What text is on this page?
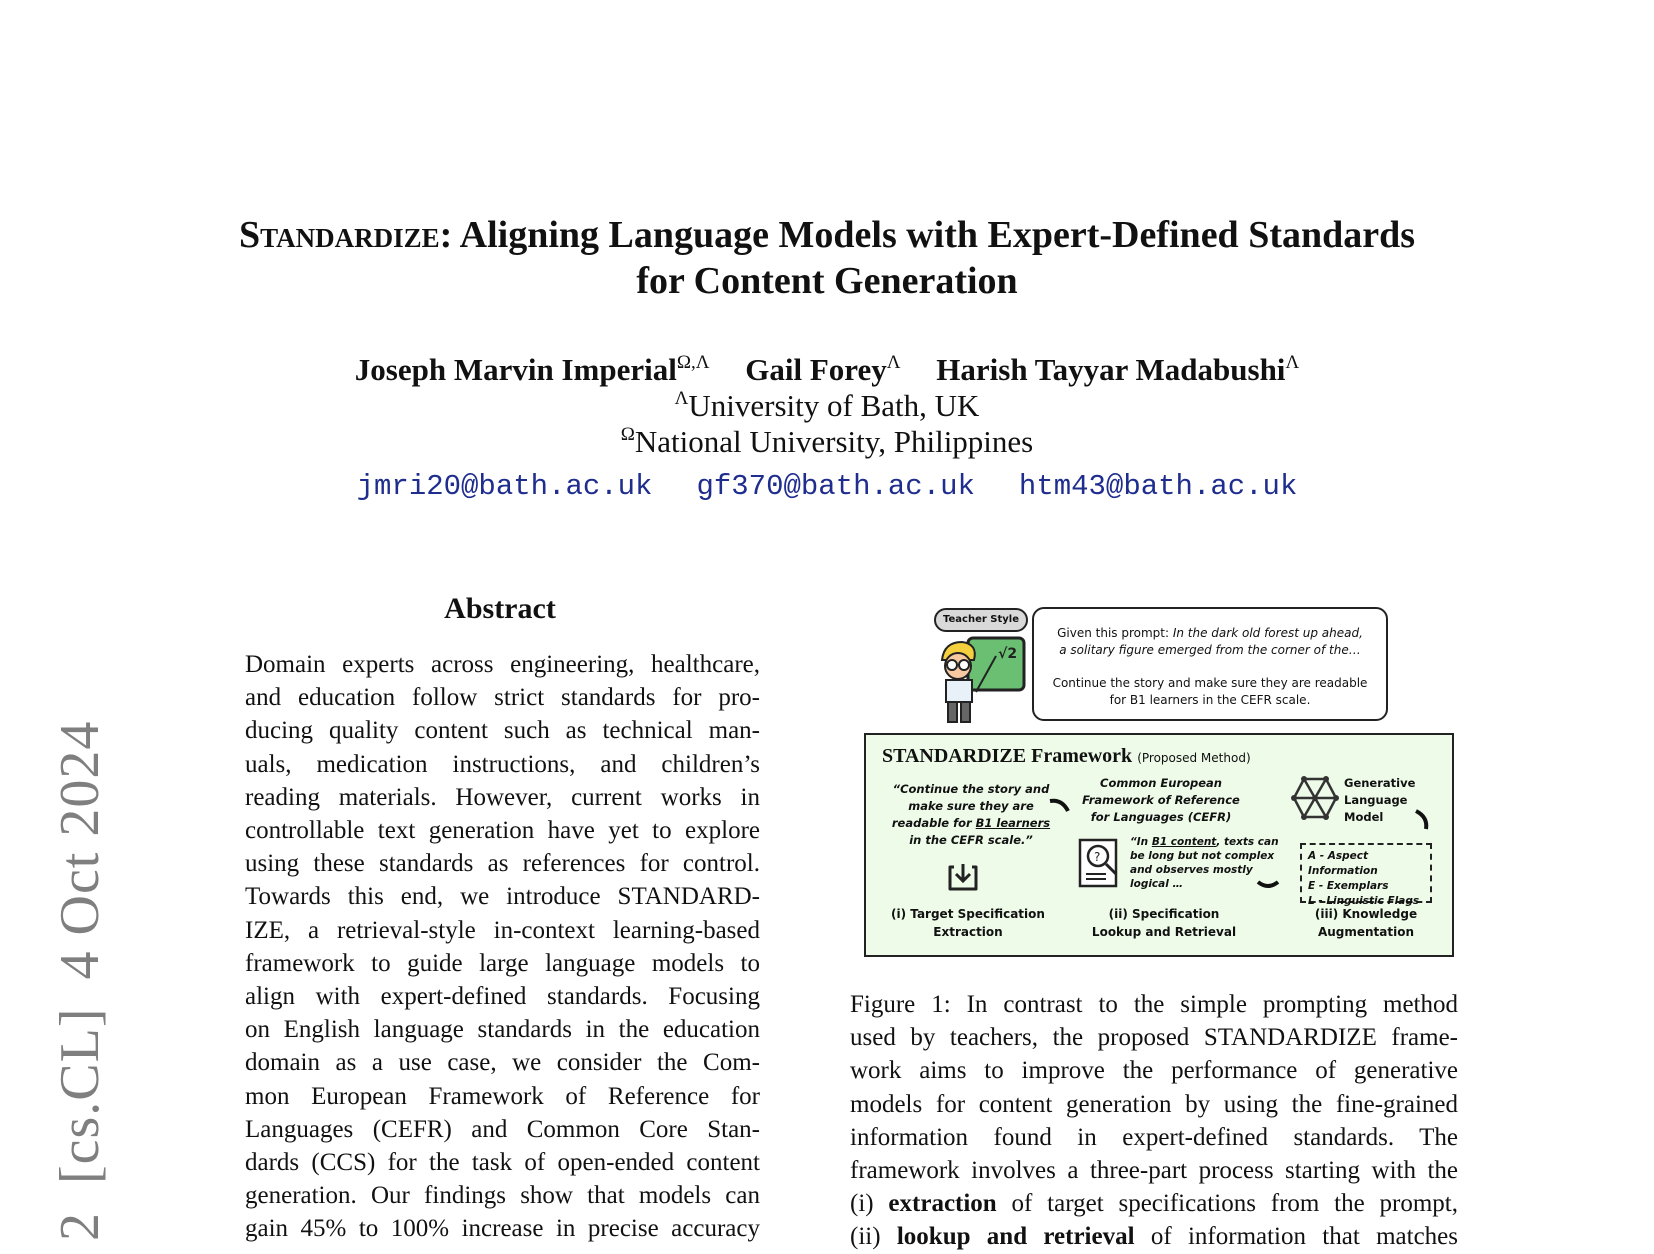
2[cs.CL]4 Oct 2024
Standardize: Aligning Language Models with Expert-Defined Standards
for Content Generation
Joseph Marvin Imperial$^{\Omega,\Lambda}$ Gail Forey$^\Lambda$ Harish Tayyar Madabushi$^\Lambda$
$^\Lambda$University of Bath, UK
$^\Omega$National University, Philippines
jmri20@bath.ac.uk gf370@bath.ac.uk htm43@bath.ac.uk
Abstract
Domain experts across engineering, healthcare,
and education follow strict standards for pro-
ducing quality content such as technical man-
uals, medication instructions, and children’s
reading materials. However, current works in
controllable text generation have yet to explore
using these standards as references for control.
Towards this end, we introduce STANDARD-
IZE, a retrieval-style in-context learning-based
framework to guide large language models to
align with expert-defined standards. Focusing
on English language standards in the education
domain as a use case, we consider the Com-
mon European Framework of Reference for
Languages (CEFR) and Common Core Stan-
dards (CCS) for the task of open-ended content
generation. Our findings show that models can
gain 45% to 100% increase in precise accuracy
Teacher Style
√2
Given this prompt: In the dark old forest up ahead,
a solitary figure emerged from the corner of the…
Continue the story and make sure they are readable
for B1 learners in the CEFR scale.
STANDARDIZE Framework (Proposed Method)
“Continue the story and
make sure they are
readable for B1 learners
in the CEFR scale.”
Common European
Framework of Reference
for Languages (CEFR)
?
“In B1 content, texts can
be long but not complex
and observes mostly
logical …
Generative
Language
Model
A - Aspect Information
E - Exemplars
L - Linguistic Flags
(i) Target Specification
Extraction
(ii) Specification
Lookup and Retrieval
(iii) Knowledge
Augmentation
Figure 1: In contrast to the simple prompting method
used by teachers, the proposed STANDARDIZE frame-
work aims to improve the performance of generative
models for content generation by using the fine-grained
information found in expert-defined standards. The
framework involves a three-part process starting with the
(i) extraction of target specifications from the prompt,
(ii) lookup and retrieval of information that matches
